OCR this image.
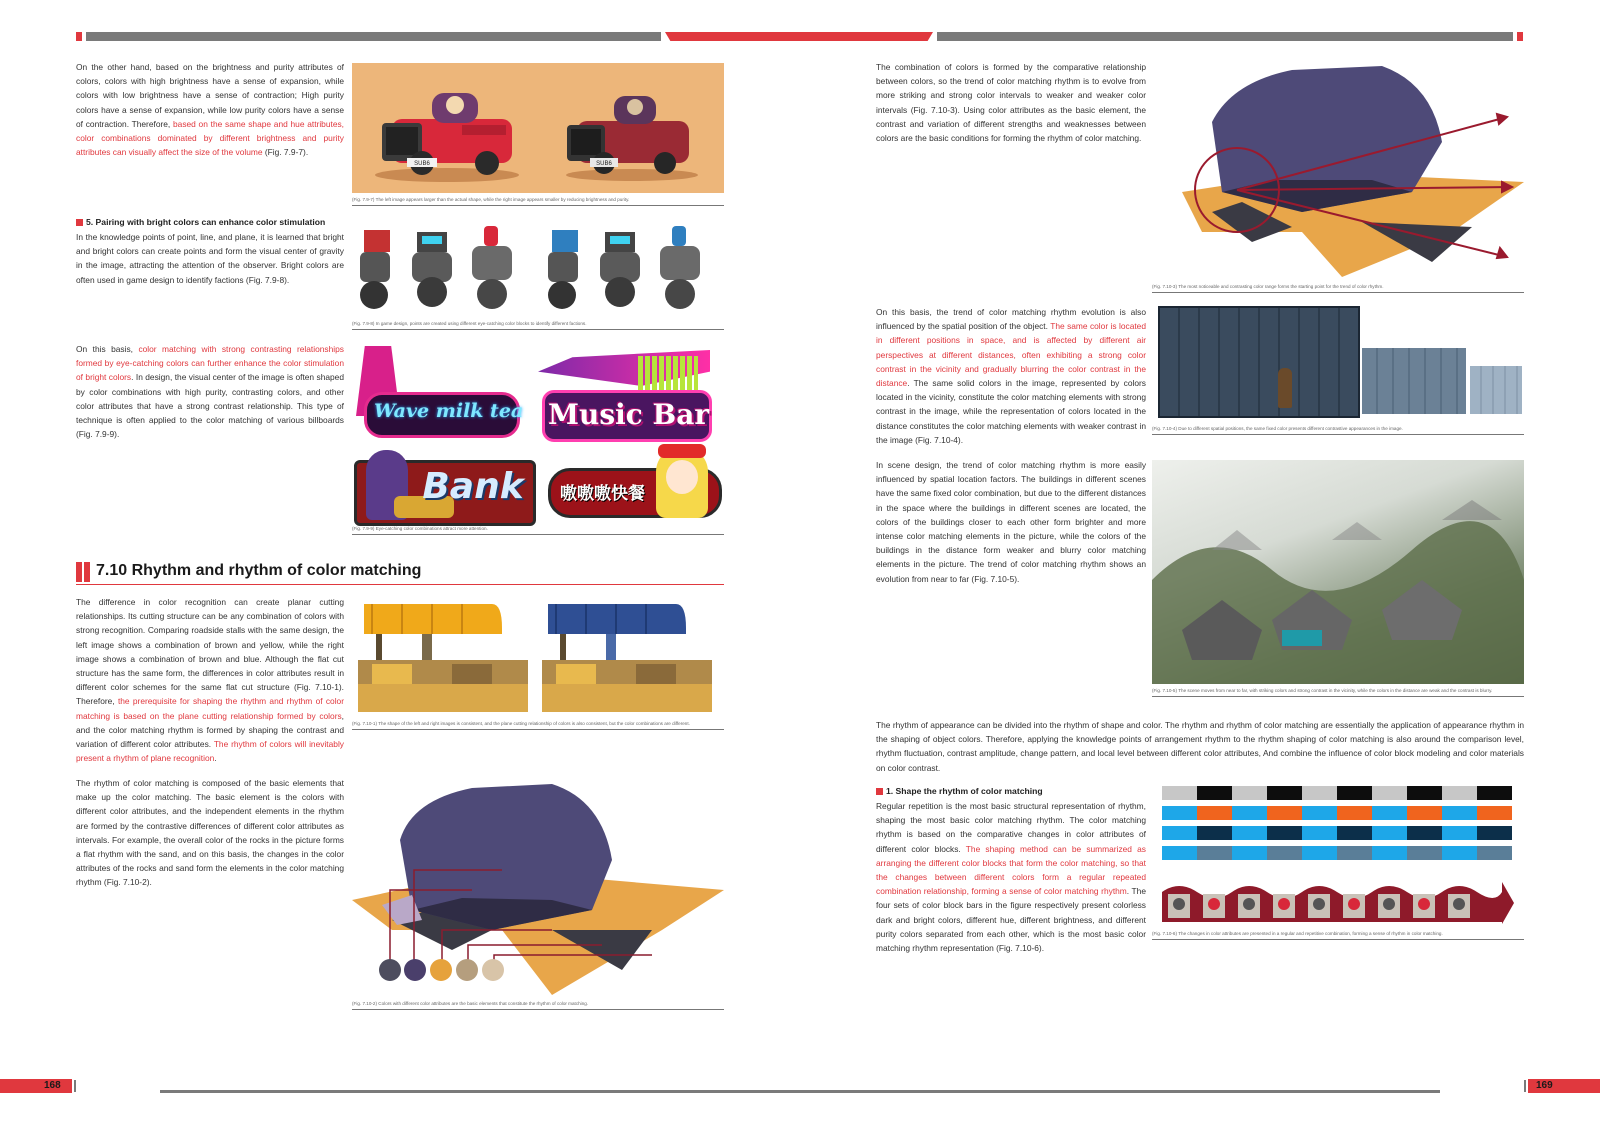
On the other hand, based on the brightness and purity attributes of colors, colors with high brightness have a sense of expansion, while colors with low brightness have a sense of contraction; High purity colors have a sense of expansion, while low purity colors have a sense of contraction. Therefore, based on the same shape and hue attributes, color combinations dominated by different brightness and purity attributes can visually affect the size of the volume (Fig. 7.9-7).

SUB6	SUB6
(Fig. 7.9-7) The left image appears larger than the actual shape, while the right image appears smaller by reducing brightness and purity.
5. Pairing with bright colors can enhance color stimulation

In the knowledge points of point, line, and plane, it is learned that bright and bright colors can create points and form the visual center of gravity in the image, attracting the attention of the observer. Bright colors are often used in game design to identify factions (Fig. 7.9-8).

(Fig. 7.9-8) In game design, points are created using different eye-catching color blocks to identify different factions.

On this basis, color matching with strong contrasting relationships formed by eye-catching colors can further enhance the color stimulation of bright colors. In design, the visual center of the image is often shaped by color combinations with high purity, contrasting colors, and other color attributes that have a strong contrast relationship. This type of technique is often applied to the color matching of various billboards (Fig. 7.9-9).

Wave milk tea Music Bar
Bank 嗷嗷嗷快餐
(Fig. 7.9-9) Eye-catching color combinations attract more attention.
7.10 Rhythm and rhythm of color matching

The difference in color recognition can create planar cutting relationships. Its cutting structure can be any combination of colors with strong recognition. Comparing roadside stalls with the same design, the left image shows a combination of brown and yellow, while the right image shows a combination of brown and blue. Although the flat cut structure has the same form, the differences in color attributes result in different color schemes for the same flat cut structure (Fig. 7.10-1). Therefore, the prerequisite for shaping the rhythm and rhythm of color matching is based on the plane cutting relationship formed by colors, and the color matching rhythm is formed by shaping the contrast and variation of different color attributes. The rhythm of colors will inevitably present a rhythm of plane recognition.

(Fig. 7.10-1) The shape of the left and right images is consistent, and the plane cutting relationship of colors is also consistent, but the color combinations are different.

The rhythm of color matching is composed of the basic elements that make up the color matching. The basic element is the colors with different color attributes, and the independent elements in the rhythm are formed by the contrastive differences of different color attributes as intervals. For example, the overall color of the rocks in the picture forms a flat rhythm with the sand, and on this basis, the changes in the color attributes of the rocks and sand form the elements in the color matching rhythm (Fig. 7.10-2).

(Fig. 7.10-2) Colors with different color attributes are the basic elements that constitute the rhythm of color matching.

The combination of colors is formed by the comparative relationship between colors, so the trend of color matching rhythm is to evolve from more striking and strong color intervals to weaker and weaker color intervals (Fig. 7.10-3). Using color attributes as the basic element, the contrast and variation of different strengths and weaknesses between colors are the basic conditions for forming the rhythm of color matching.

(Fig. 7.10-3) The most noticeable and contrasting color range forms the starting point for the trend of color rhythm.

On this basis, the trend of color matching rhythm evolution is also influenced by the spatial position of the object. The same color is located in different positions in space, and is affected by different air perspectives at different distances, often exhibiting a strong color contrast in the vicinity and gradually blurring the color contrast in the distance. The same solid colors in the image, represented by colors located in the vicinity, constitute the color matching elements with strong contrast in the image, while the representation of colors located in the distance constitutes the color matching elements with weaker contrast in the image (Fig. 7.10-4).

(Fig. 7.10-4) Due to different spatial positions, the same fixed color presents different contrastive appearances in the image.

In scene design, the trend of color matching rhythm is more easily influenced by spatial location factors. The buildings in different scenes have the same fixed color combination, but due to the different distances in the space where the buildings in different scenes are located, the colors of the buildings closer to each other form brighter and more intense color matching elements in the picture, while the colors of the buildings in the distance form weaker and blurry color matching elements in the picture. The trend of color matching rhythm shows an evolution from near to far (Fig. 7.10-5).

(Fig. 7.10-5) The scene moves from near to far, with striking colors and strong contrast in the vicinity, while the colors in the distance are weak and the contrast is blurry.

The rhythm of appearance can be divided into the rhythm of shape and color. The rhythm and rhythm of color matching are essentially the application of appearance rhythm in the shaping of object colors. Therefore, applying the knowledge points of arrangement rhythm to the rhythm shaping of color matching is also around the comparison level, rhythm fluctuation, contrast amplitude, change pattern, and local level between different color attributes, And combine the influence of color block modeling and color materials on color contrast.

1. Shape the rhythm of color matching

Regular repetition is the most basic structural representation of rhythm, shaping the most basic color matching rhythm. The color matching rhythm is based on the comparative changes in color attributes of different color blocks. The shaping method can be summarized as arranging the different color blocks that form the color matching, so that the changes between different colors form a regular repeated combination relationship, forming a sense of color matching rhythm. The four sets of color block bars in the figure respectively present colorless dark and bright colors, different hue, different brightness, and different purity colors separated from each other, which is the most basic color matching rhythm representation (Fig. 7.10-6).

(Fig. 7.10-6) The changes in color attributes are presented in a regular and repetitive combination, forming a sense of rhythm in color matching.
168	169
